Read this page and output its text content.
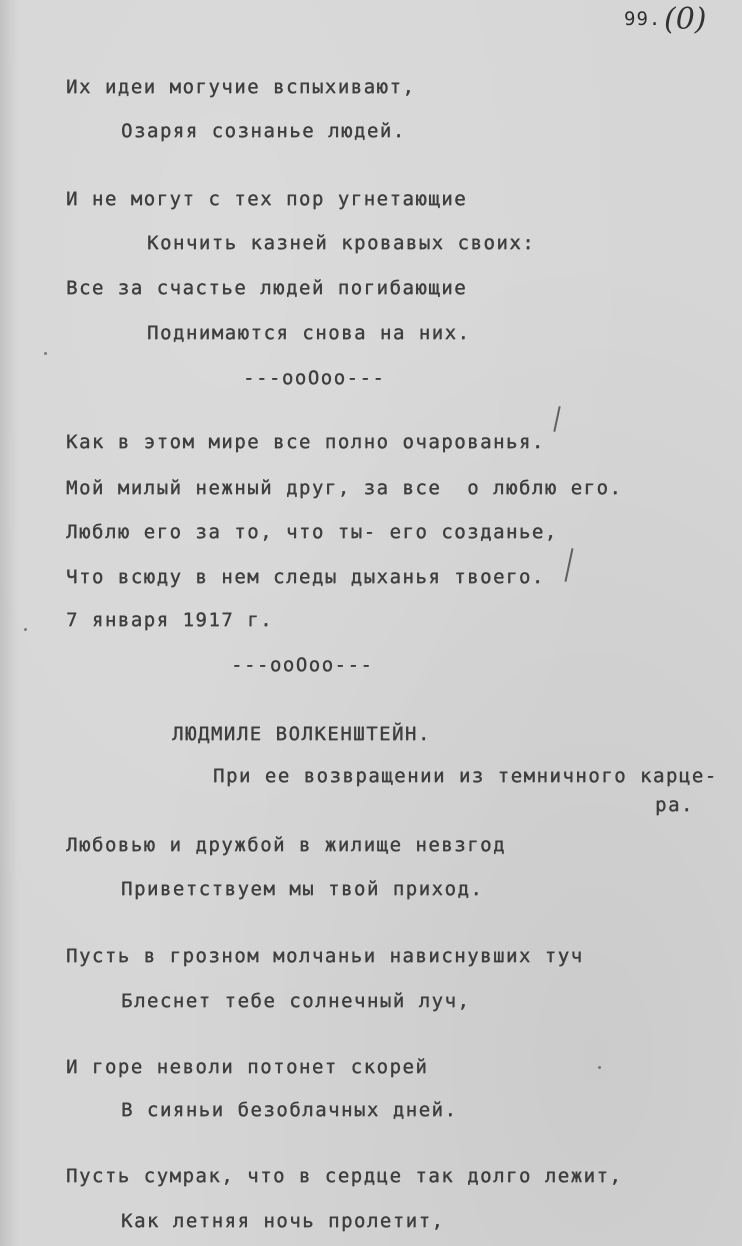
99. (0)
Их идеи могучие вспыхивают,
Озаряя сознанье людей.
И не могут с тех пор угнетающие
Кончить казней кровавых своих:
Все за счастье людей погибающие
Поднимаются снова на них.
---ooOoo---
Как в этом мире все полно очарованья.
Мой милый нежный друг, за все  о люблю его.
Люблю его за то, что ты- его созданье,
Что всюду в нем следы дыханья твоего.
7 января 1917 г.
---ooOoo---
ЛЮДМИЛЕ ВОЛКЕНШТЕЙН.
При ее возвращении из темничного карце-
ра.
Любовью и дружбой в жилище невзгод
Приветствуем мы твой приход.
Пусть в грозном молчаньи нависнувших туч
Блеснет тебе солнечный луч,
И горе неволи потонет скорей
В сияньи безоблачных дней.
Пусть сумрак, что в сердце так долго лежит,
Как летняя ночь пролетит,
